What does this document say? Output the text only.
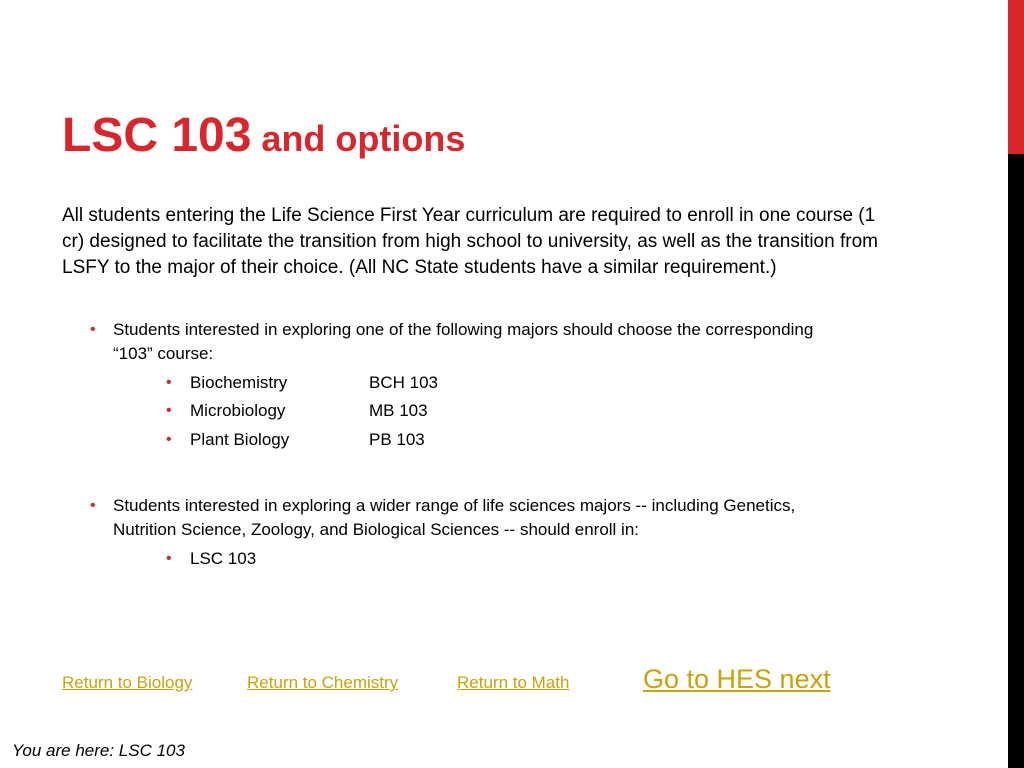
LSC 103 and options

All students entering the Life Science First Year curriculum are required to enroll in one course (1 cr) designed to facilitate the transition from high school to university, as well as the transition from LSFY to the major of their choice. (All NC State students have a similar requirement.)

• Students interested in exploring one of the following majors should choose the corresponding “103” course:
• Biochemistry	BCH 103
• Microbiology	MB 103
• Plant Biology	PB 103
• Students interested in exploring a wider range of life sciences majors -- including Genetics, Nutrition Science, Zoology, and Biological Sciences -- should enroll in:
• LSC 103
Return to Biology	Return to Chemistry	Return to Math	Go to HES next
You are here: LSC 103
